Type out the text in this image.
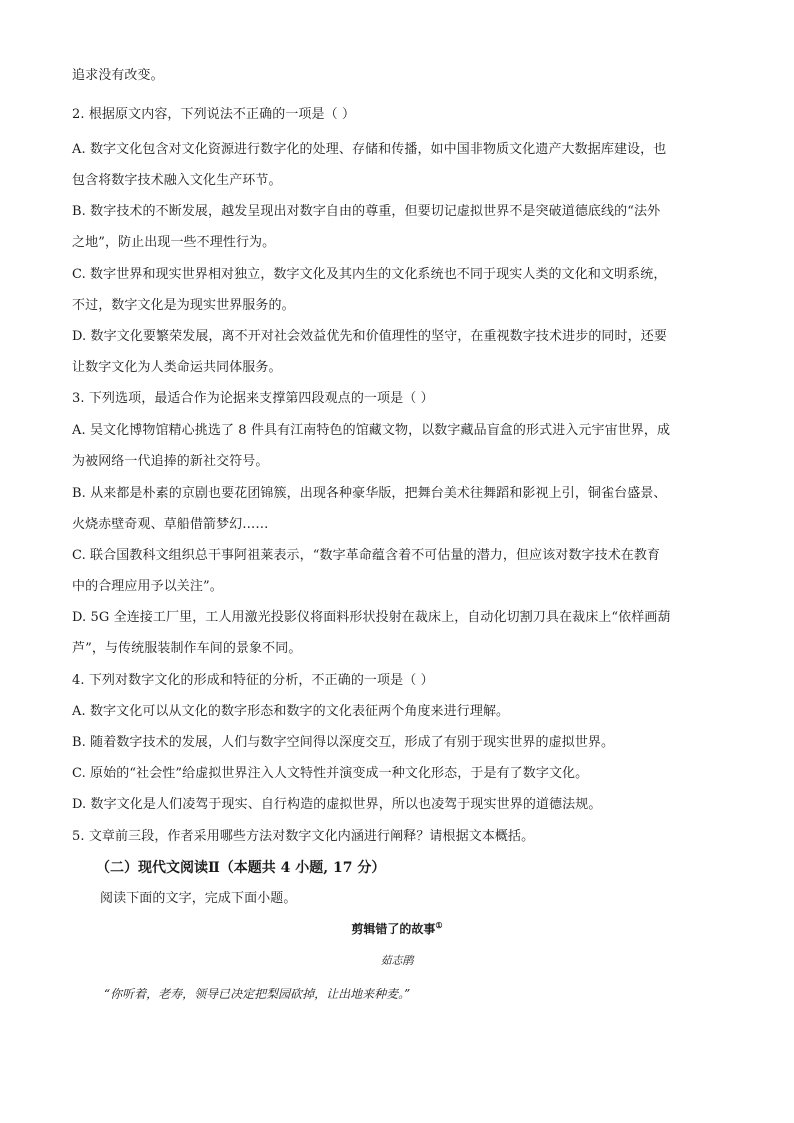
追求没有改变。
2. 根据原文内容，下列说法不正确的一项是（ ）
A. 数字文化包含对文化资源进行数字化的处理、存储和传播，如中国非物质文化遗产大数据库建设，也
包含将数字技术融入文化生产环节。
B. 数字技术的不断发展，越发呈现出对数字自由的尊重，但要切记虚拟世界不是突破道德底线的“法外
之地”，防止出现一些不理性行为。
C. 数字世界和现实世界相对独立，数字文化及其内生的文化系统也不同于现实人类的文化和文明系统，
不过，数字文化是为现实世界服务的。
D. 数字文化要繁荣发展，离不开对社会效益优先和价值理性的坚守，在重视数字技术进步的同时，还要
让数字文化为人类命运共同体服务。
3. 下列选项，最适合作为论据来支撑第四段观点的一项是（ ）
A. 吴文化博物馆精心挑选了 8 件具有江南特色的馆藏文物，以数字藏品盲盒的形式进入元宇宙世界，成
为被网络一代追捧的新社交符号。
B. 从来都是朴素的京剧也要花团锦簇，出现各种豪华版，把舞台美术往舞蹈和影视上引，铜雀台盛景、
火烧赤壁奇观、草船借箭梦幻……
C. 联合国教科文组织总干事阿祖莱表示，“数字革命蕴含着不可估量的潜力，但应该对数字技术在教育
中的合理应用予以关注”。
D. 5G 全连接工厂里，工人用激光投影仪将面料形状投射在裁床上，自动化切割刀具在裁床上“依样画葫
芦”，与传统服装制作车间的景象不同。
4. 下列对数字文化的形成和特征的分析，不正确的一项是（ ）
A. 数字文化可以从文化的数字形态和数字的文化表征两个角度来进行理解。
B. 随着数字技术的发展，人们与数字空间得以深度交互，形成了有别于现实世界的虚拟世界。
C. 原始的“社会性”给虚拟世界注入人文特性并演变成一种文化形态，于是有了数字文化。
D. 数字文化是人们凌驾于现实、自行构造的虚拟世界，所以也凌驾于现实世界的道德法规。
5. 文章前三段，作者采用哪些方法对数字文化内涵进行阐释？请根据文本概括。
（二）现代文阅读Ⅱ（本题共 4 小题, 17 分）
阅读下面的文字，完成下面小题。
剪辑错了的故事①
茹志鹃
“你听着，老寿，领导已决定把梨园砍掉，让出地来种麦。”
